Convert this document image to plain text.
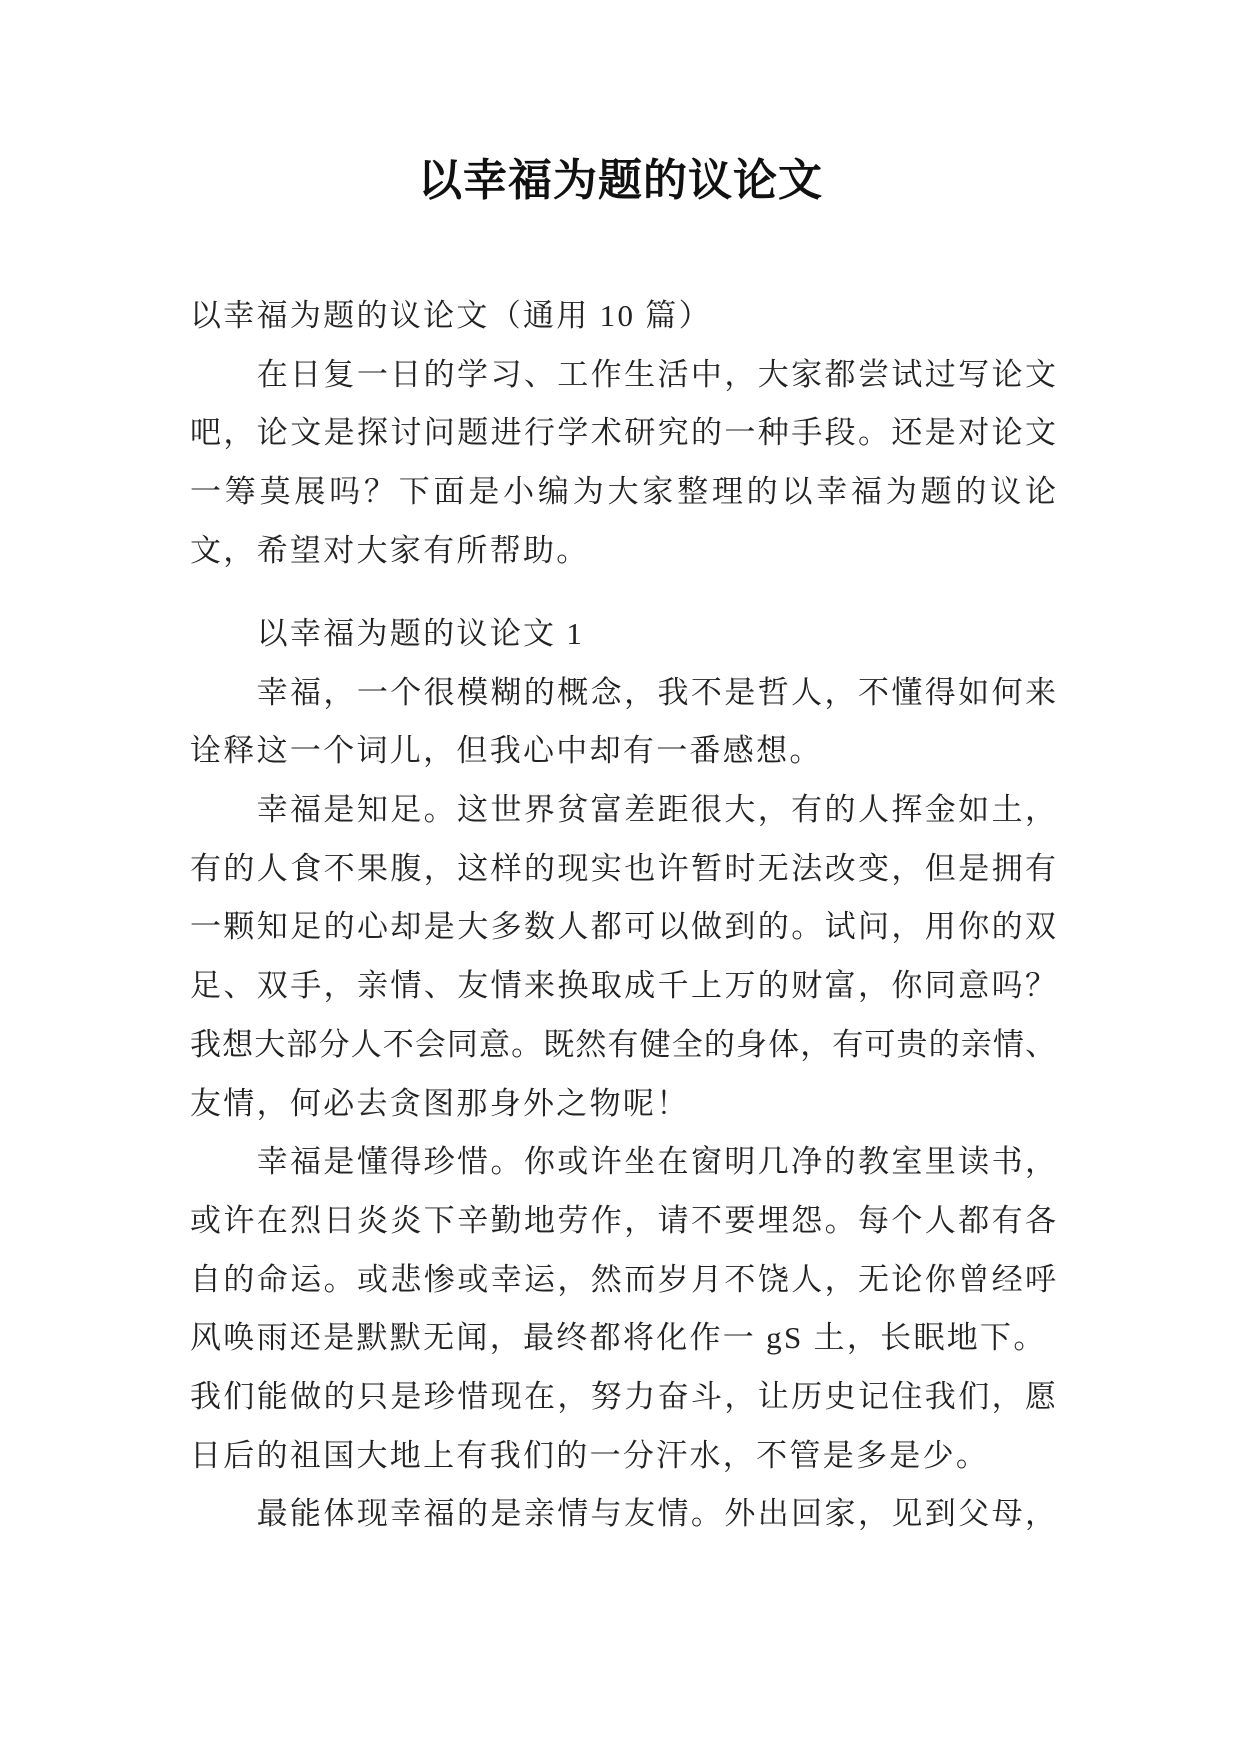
以幸福为题的议论文
以幸福为题的议论文（通用 10 篇）
在日复一日的学习、工作生活中，大家都尝试过写论文
吧，论文是探讨问题进行学术研究的一种手段。还是对论文
一筹莫展吗？下面是小编为大家整理的以幸福为题的议论
文，希望对大家有所帮助。
以幸福为题的议论文 1
幸福，一个很模糊的概念，我不是哲人，不懂得如何来
诠释这一个词儿，但我心中却有一番感想。
幸福是知足。这世界贫富差距很大，有的人挥金如土，
有的人食不果腹，这样的现实也许暂时无法改变，但是拥有
一颗知足的心却是大多数人都可以做到的。试问，用你的双
足、双手，亲情、友情来换取成千上万的财富，你同意吗？
我想大部分人不会同意。既然有健全的身体，有可贵的亲情、
友情，何必去贪图那身外之物呢！
幸福是懂得珍惜。你或许坐在窗明几净的教室里读书，
或许在烈日炎炎下辛勤地劳作，请不要埋怨。每个人都有各
自的命运。或悲惨或幸运，然而岁月不饶人，无论你曾经呼
风唤雨还是默默无闻，最终都将化作一 gS 土，长眠地下。
我们能做的只是珍惜现在，努力奋斗，让历史记住我们，愿
日后的祖国大地上有我们的一分汗水，不管是多是少。
最能体现幸福的是亲情与友情。外出回家，见到父母，
